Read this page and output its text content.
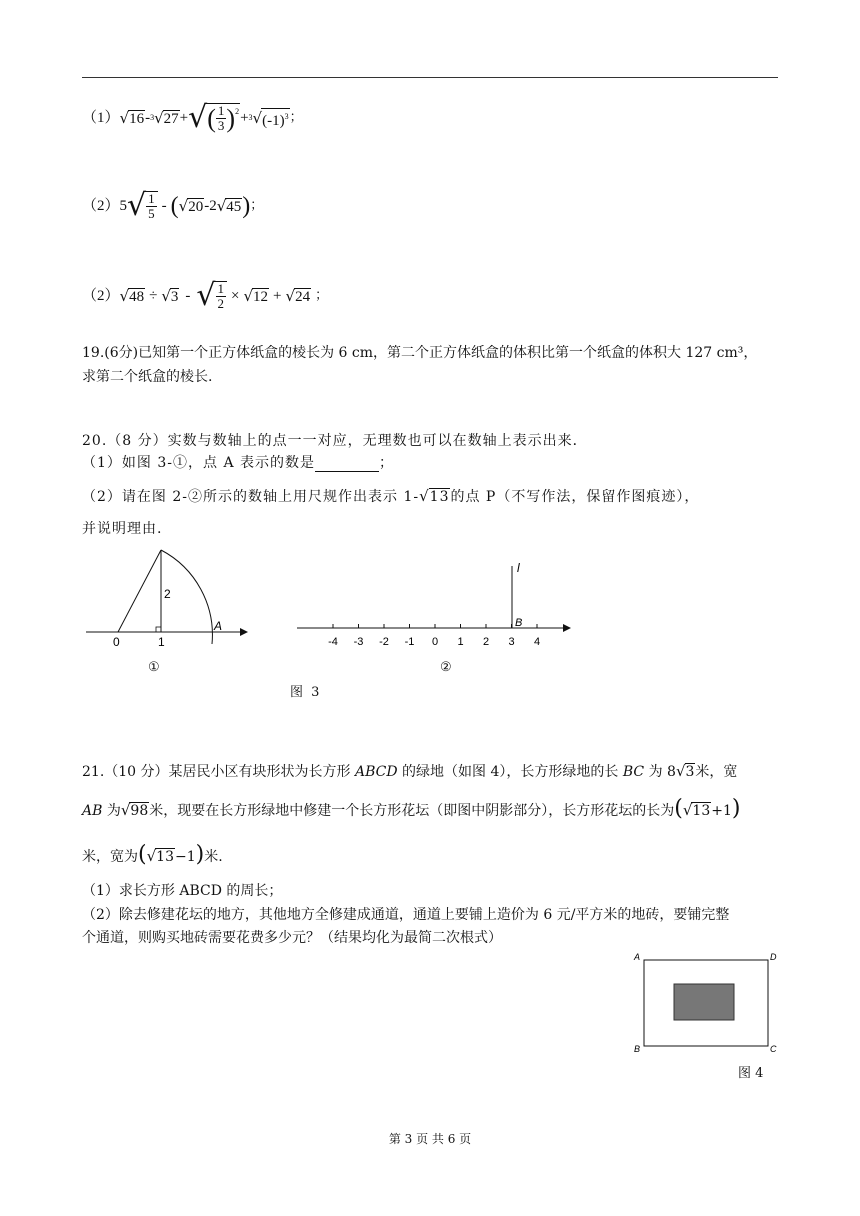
（1） √ 16 - 3 √ 27 + √ ( $\frac{1}{3} )^2 + 3$ √ $(-1)^3$ ；
（2） 5 √ $\frac{1}{5}$ - ( √ 20 -2 √ 45 ) ；
（2） √ 48 ÷ √ 3 - √ $\frac{1}{2}$ × √ 12 + √ 24 ；
19.(6分)已知第一个正方体纸盒的棱长为 6 cm，第二个正方体纸盒的体积比第一个纸盒的体积大 127 cm³，
求第二个纸盒的棱长.
20.（8 分）实数与数轴上的点一一对应，无理数也可以在数轴上表示出来．
（1）如图 3-①，点 A 表示的数是	；
（2）请在图 2-②所示的数轴上用尺规作出表示 1-√13的点 P（不写作法，保留作图痕迹），
并说明理由.
0	1
2
A
①
-4 -3 -2 -1 0 1 2 3 4
l
B
②
图 3
21.（10 分）某居民小区有块形状为长方形 ABCD 的绿地（如图 4），长方形绿地的长 BC 为 8√3米，宽
AB 为√98米，现要在长方形绿地中修建一个长方形花坛（即图中阴影部分），长方形花坛的长为(√13+1)
米，宽为(√13−1)米.
（1）求长方形 ABCD 的周长；
（2）除去修建花坛的地方，其他地方全修建成通道，通道上要铺上造价为 6 元/平方米的地砖，要铺完整
个通道，则购买地砖需要花费多少元？（结果均化为最简二次根式）
A	D
B	C
图 4
第 3 页 共 6 页
